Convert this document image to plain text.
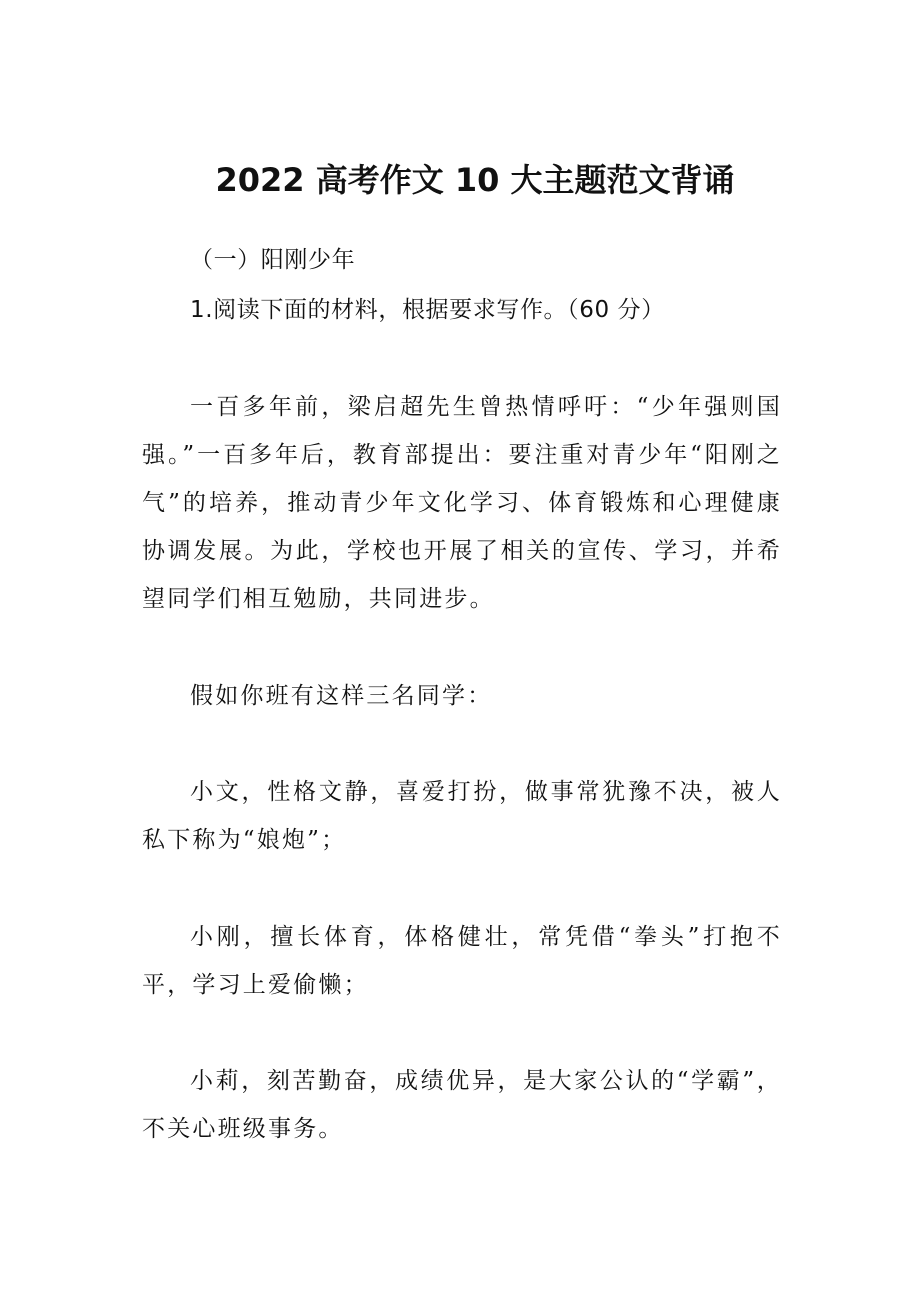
2022 高考作文 10 大主题范文背诵

（一）阳刚少年

1.阅读下面的材料，根据要求写作。（60 分）

一百多年前，梁启超先生曾热情呼吁：“少年强则国强。”一百多年后，教育部提出：要注重对青少年“阳刚之气”的培养，推动青少年文化学习、体育锻炼和心理健康协调发展。为此，学校也开展了相关的宣传、学习，并希望同学们相互勉励，共同进步。

假如你班有这样三名同学：

小文，性格文静，喜爱打扮，做事常犹豫不决，被人私下称为“娘炮”；

小刚，擅长体育，体格健壮，常凭借“拳头”打抱不平，学习上爱偷懒；

小莉，刻苦勤奋，成绩优异，是大家公认的“学霸”，不关心班级事务。
